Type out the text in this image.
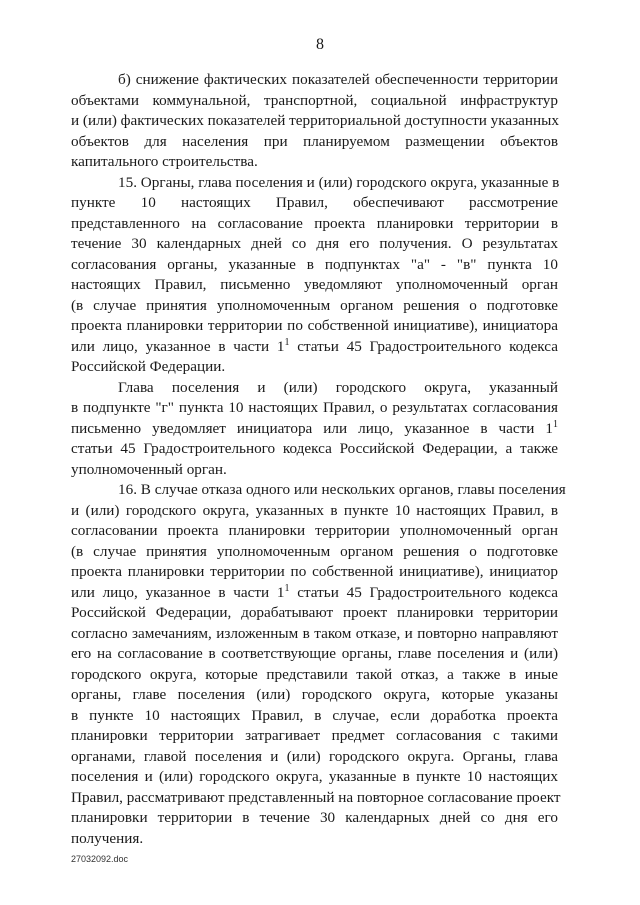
8
б) снижение фактических показателей обеспеченности территории
объектами коммунальной, транспортной, социальной инфраструктур
и (или) фактических показателей территориальной доступности указанных
объектов для населения при планируемом размещении объектов
капитального строительства.
15. Органы, глава поселения и (или) городского округа, указанные в
пункте 10 настоящих Правил, обеспечивают рассмотрение
представленного на согласование проекта планировки территории в
течение 30 календарных дней со дня его получения. О результатах
согласования органы, указанные в подпунктах "а" - "в" пункта 10
настоящих Правил, письменно уведомляют уполномоченный орган
(в случае принятия уполномоченным органом решения о подготовке
проекта планировки территории по собственной инициативе), инициатора
или лицо, указанное в части $1^1$ статьи 45 Градостроительного кодекса
Российской Федерации.
Глава поселения и (или) городского округа, указанный
в подпункте "г" пункта 10 настоящих Правил, о результатах согласования
письменно уведомляет инициатора или лицо, указанное в части $1^1$
статьи 45 Градостроительного кодекса Российской Федерации, а также
уполномоченный орган.
16. В случае отказа одного или нескольких органов, главы поселения
и (или) городского округа, указанных в пункте 10 настоящих Правил, в
согласовании проекта планировки территории уполномоченный орган
(в случае принятия уполномоченным органом решения о подготовке
проекта планировки территории по собственной инициативе), инициатор
или лицо, указанное в части $1^1$ статьи 45 Градостроительного кодекса
Российской Федерации, дорабатывают проект планировки территории
согласно замечаниям, изложенным в таком отказе, и повторно направляют
его на согласование в соответствующие органы, главе поселения и (или)
городского округа, которые представили такой отказ, а также в иные
органы, главе поселения (или) городского округа, которые указаны
в пункте 10 настоящих Правил, в случае, если доработка проекта
планировки территории затрагивает предмет согласования с такими
органами, главой поселения и (или) городского округа. Органы, глава
поселения и (или) городского округа, указанные в пункте 10 настоящих
Правил, рассматривают представленный на повторное согласование проект
планировки территории в течение 30 календарных дней со дня его
получения.
27032092.doc
